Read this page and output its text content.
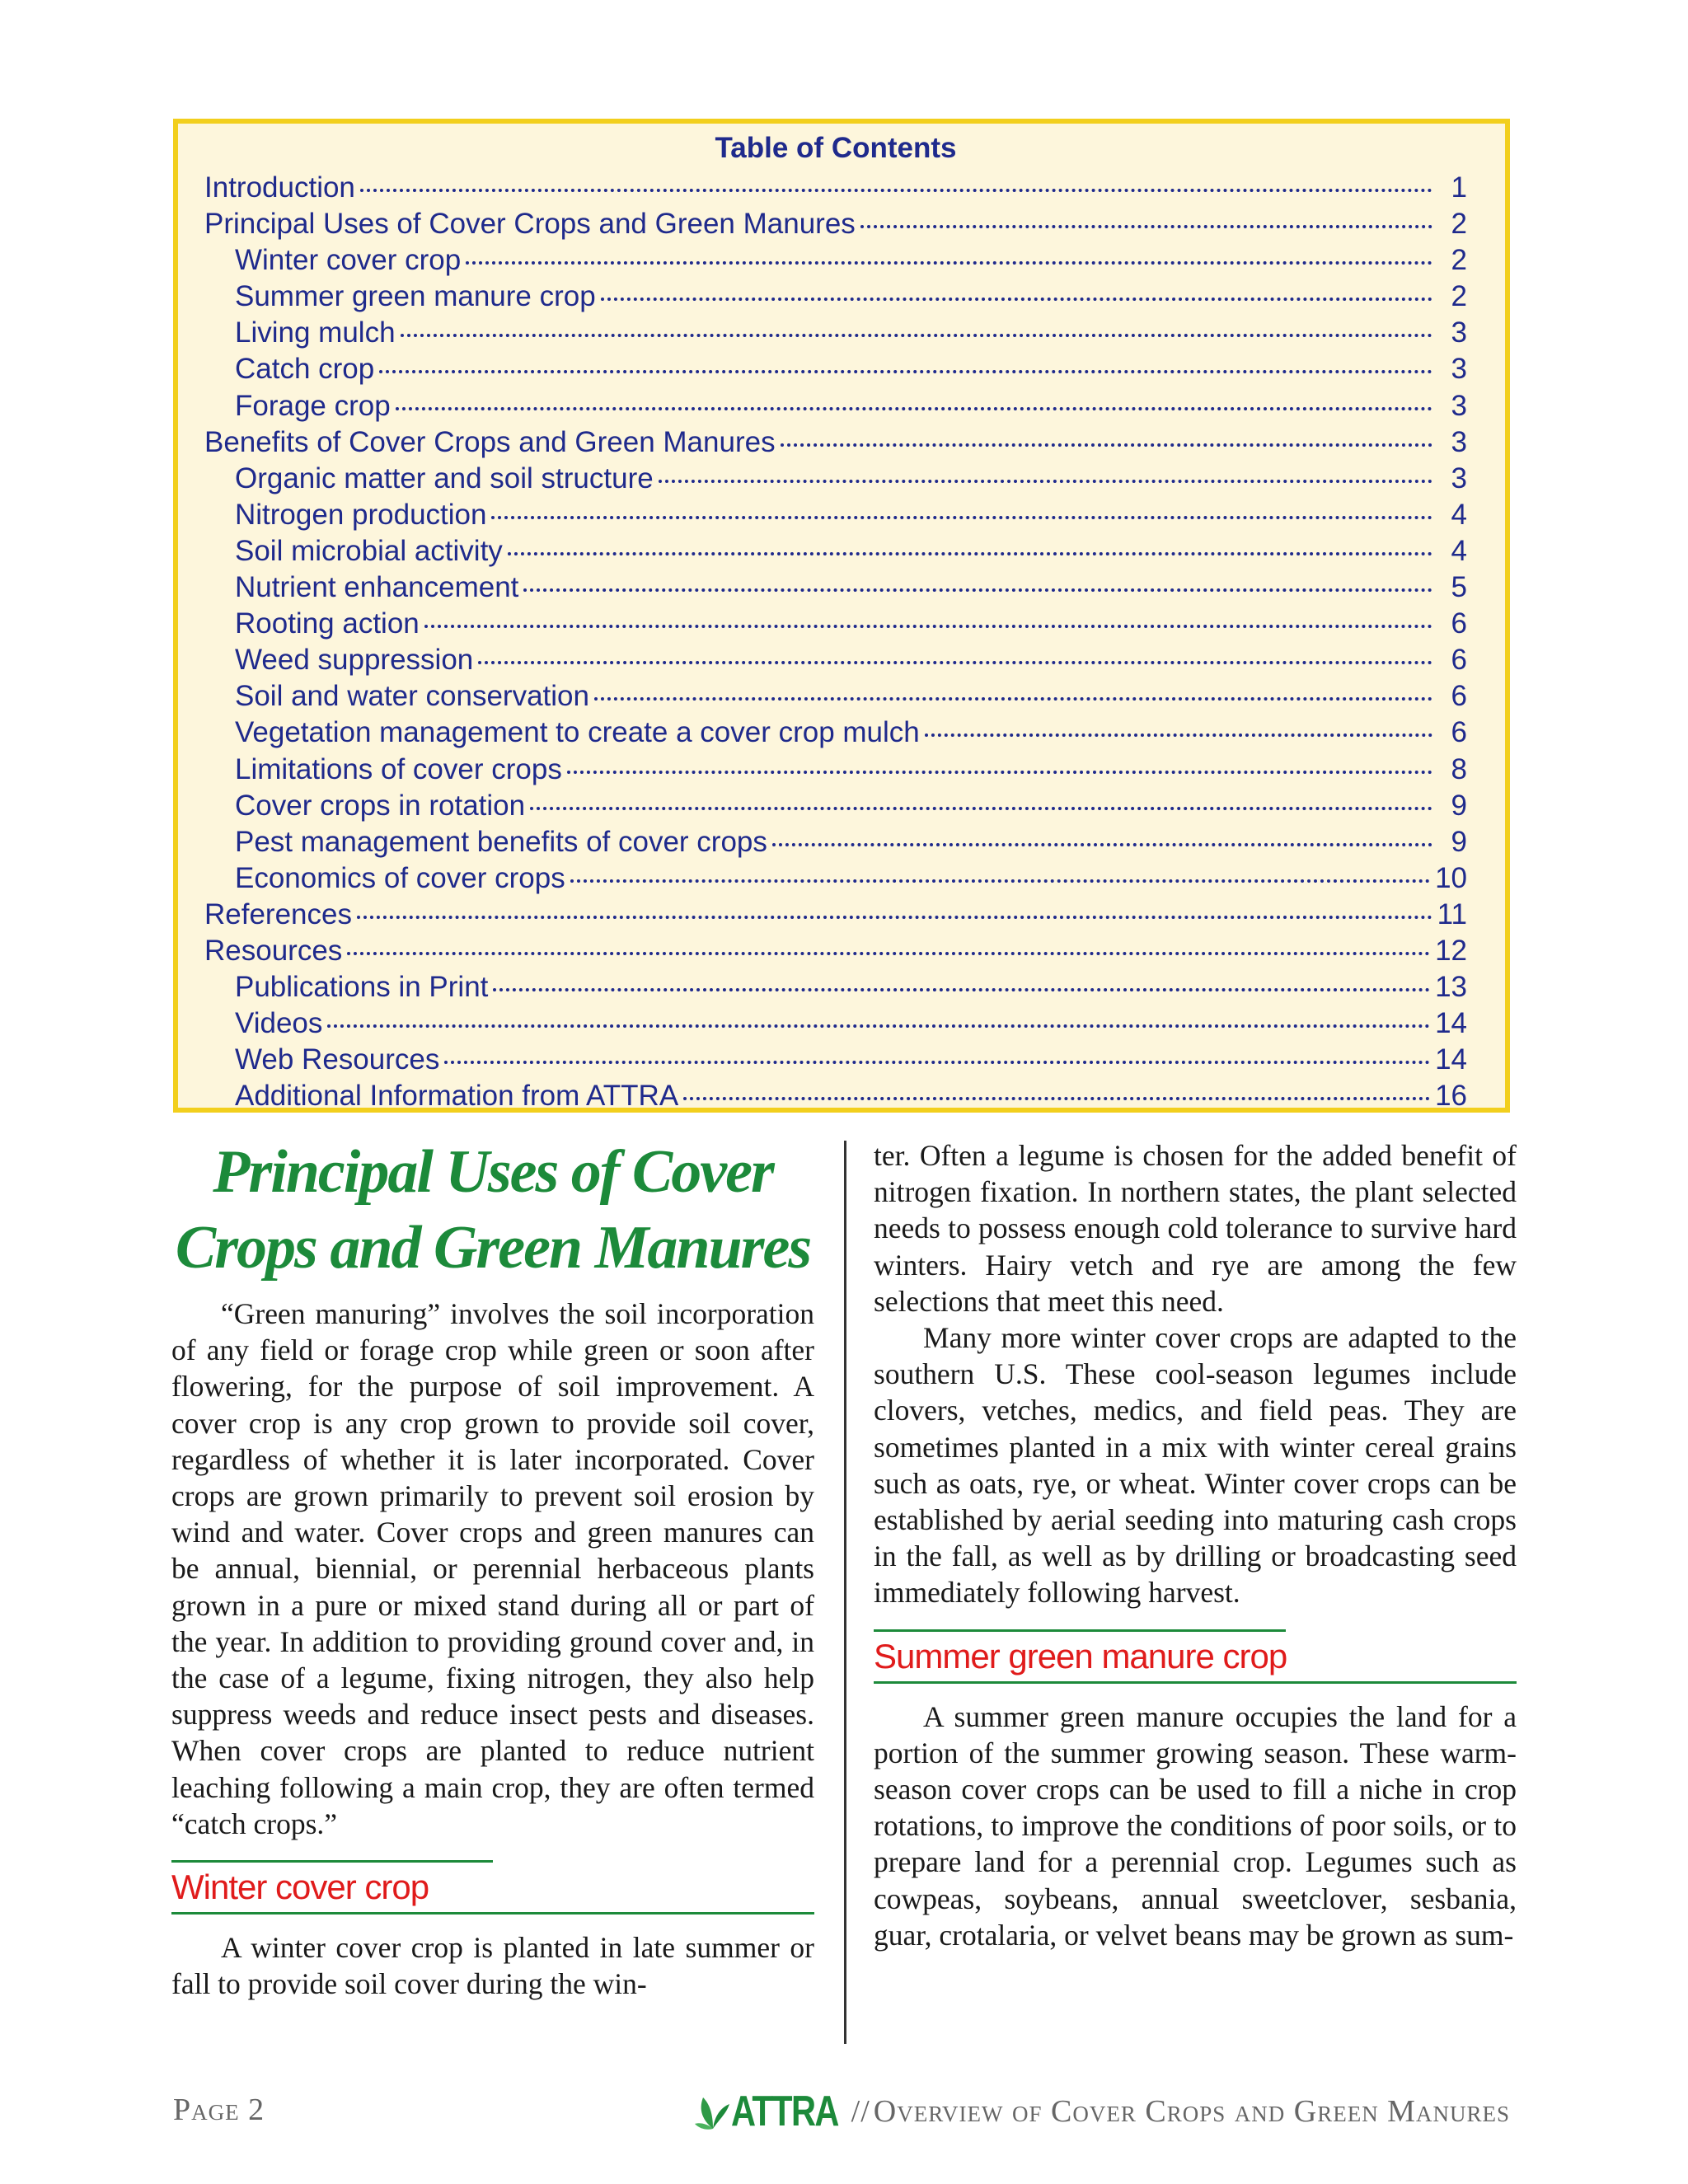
Table of Contents
Introduction	1
Principal Uses of Cover Crops and Green Manures	2
Winter cover crop	2
Summer green manure crop	2
Living mulch	3
Catch crop	3
Forage crop	3
Benefits of Cover Crops and Green Manures	3
Organic matter and soil structure	3
Nitrogen production	4
Soil microbial activity	4
Nutrient enhancement	5
Rooting action	6
Weed suppression	6
Soil and water conservation	6
Vegetation management to create a cover crop mulch	6
Limitations of cover crops	8
Cover crops in rotation	9
Pest management benefits of cover crops	9
Economics of cover crops	10
References	11
Resources	12
Publications in Print	13
Videos	14
Web Resources	14
Additional Information from ATTRA	16
Principal Uses of Cover Crops and Green Manures

“Green manuring” involves the soil incorporation of any field or forage crop while green or soon after flowering, for the purpose of soil improvement. A cover crop is any crop grown to provide soil cover, regardless of whether it is later incorporated. Cover crops are grown primarily to prevent soil erosion by wind and water. Cover crops and green manures can be annual, biennial, or perennial herbaceous plants grown in a pure or mixed stand during all or part of the year. In addition to providing ground cover and, in the case of a legume, fixing nitrogen, they also help suppress weeds and reduce insect pests and diseases. When cover crops are planted to reduce nutrient leaching following a main crop, they are often termed “catch crops.”

Winter cover crop

A winter cover crop is planted in late summer or fall to provide soil cover during the win-

ter. Often a legume is chosen for the added benefit of nitrogen fixation. In northern states, the plant selected needs to possess enough cold tolerance to survive hard winters. Hairy vetch and rye are among the few selections that meet this need.

Many more winter cover crops are adapted to the southern U.S. These cool-season legumes include clovers, vetches, medics, and field peas. They are sometimes planted in a mix with winter cereal grains such as oats, rye, or wheat. Winter cover crops can be established by aerial seeding into maturing cash crops in the fall, as well as by drilling or broadcasting seed immediately following harvest.

Summer green manure crop

A summer green manure occupies the land for a portion of the summer growing season. These warm-season cover crops can be used to fill a niche in crop rotations, to improve the conditions of poor soils, or to prepare land for a perennial crop. Legumes such as cowpeas, soybeans, annual sweetclover, sesbania, guar, crotalaria, or velvet beans may be grown as sum-

Page 2	ATTRA // Overview of Cover Crops and Green Manures
